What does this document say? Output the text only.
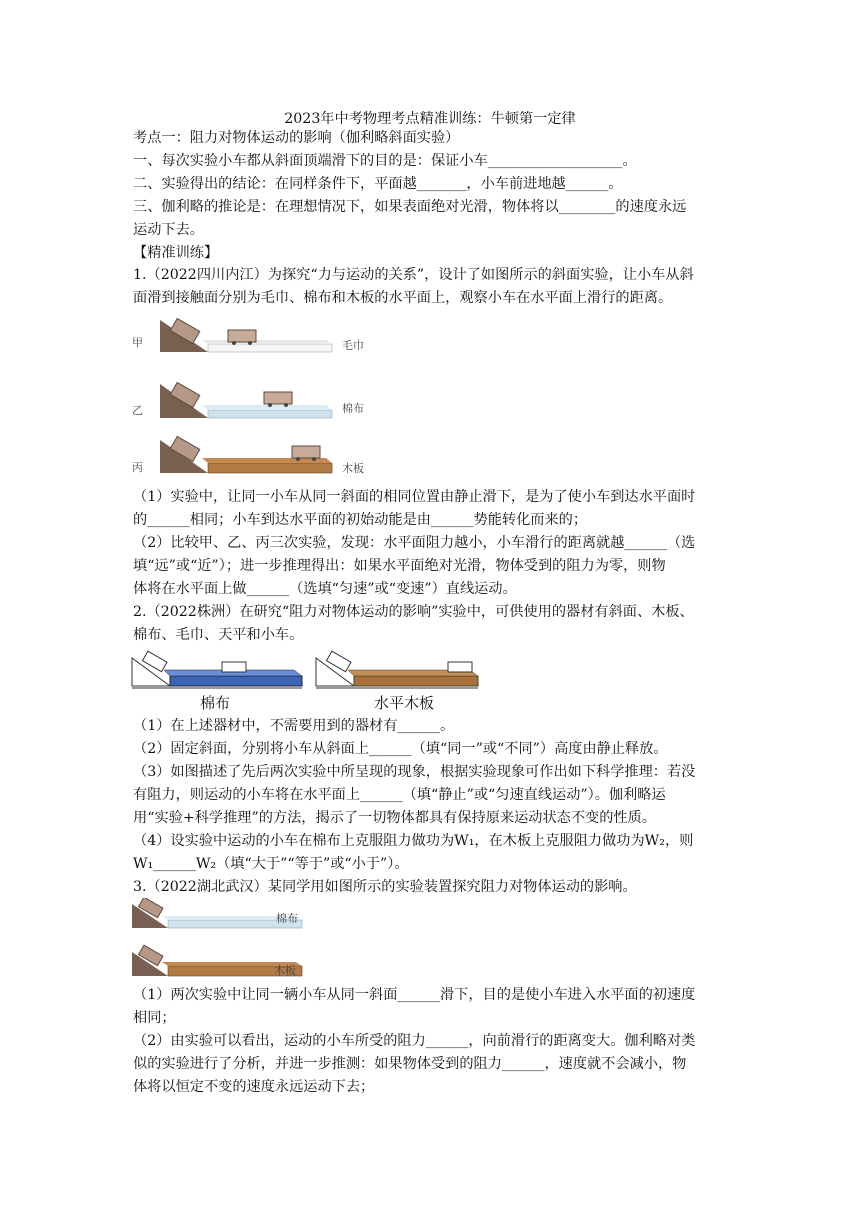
2023年中考物理考点精准训练：牛顿第一定律
考点一：阻力对物体运动的影响（伽利略斜面实验）
一、每次实验小车都从斜面顶端滑下的目的是：保证小车___________________。
二、实验得出的结论：在同样条件下，平面越_______，小车前进地越______。
三、伽利略的推论是：在理想情况下，如果表面绝对光滑，物体将以________的速度永远
运动下去。
【精准训练】
1.（2022四川内江）为探究“力与运动的关系”，设计了如图所示的斜面实验，让小车从斜
面滑到接触面分别为毛巾、棉布和木板的水平面上，观察小车在水平面上滑行的距离。
甲
乙
丙
毛巾
棉布
木板
（1）实验中，让同一小车从同一斜面的相同位置由静止滑下，是为了使小车到达水平面时
的______相同；小车到达水平面的初始动能是由______势能转化而来的；
（2）比较甲、乙、丙三次实验，发现：水平面阻力越小，小车滑行的距离就越______（选
填“远”或“近”）；进一步推理得出：如果水平面绝对光滑，物体受到的阻力为零，则物
体将在水平面上做______（选填“匀速”或“变速”）直线运动。
2.（2022株洲）在研究“阻力对物体运动的影响”实验中，可供使用的器材有斜面、木板、
棉布、毛巾、天平和小车。
棉布	水平木板
（1）在上述器材中，不需要用到的器材有______。
（2）固定斜面，分别将小车从斜面上______（填“同一”或“不同”）高度由静止释放。
（3）如图描述了先后两次实验中所呈现的现象，根据实验现象可作出如下科学推理：若没
有阻力，则运动的小车将在水平面上______（填“静止”或“匀速直线运动”）。伽利略运
用“实验+科学推理”的方法，揭示了一切物体都具有保持原来运动状态不变的性质。
（4）设实验中运动的小车在棉布上克服阻力做功为W₁，在木板上克服阻力做功为W₂，则
W₁______W₂（填“大于”“等于”或“小于”）。
3.（2022湖北武汉）某同学用如图所示的实验装置探究阻力对物体运动的影响。
棉布
木板
（1）两次实验中让同一辆小车从同一斜面______滑下，目的是使小车进入水平面的初速度
相同；
（2）由实验可以看出，运动的小车所受的阻力______，向前滑行的距离变大。伽利略对类
似的实验进行了分析，并进一步推测：如果物体受到的阻力______，速度就不会减小，物
体将以恒定不变的速度永远运动下去；
